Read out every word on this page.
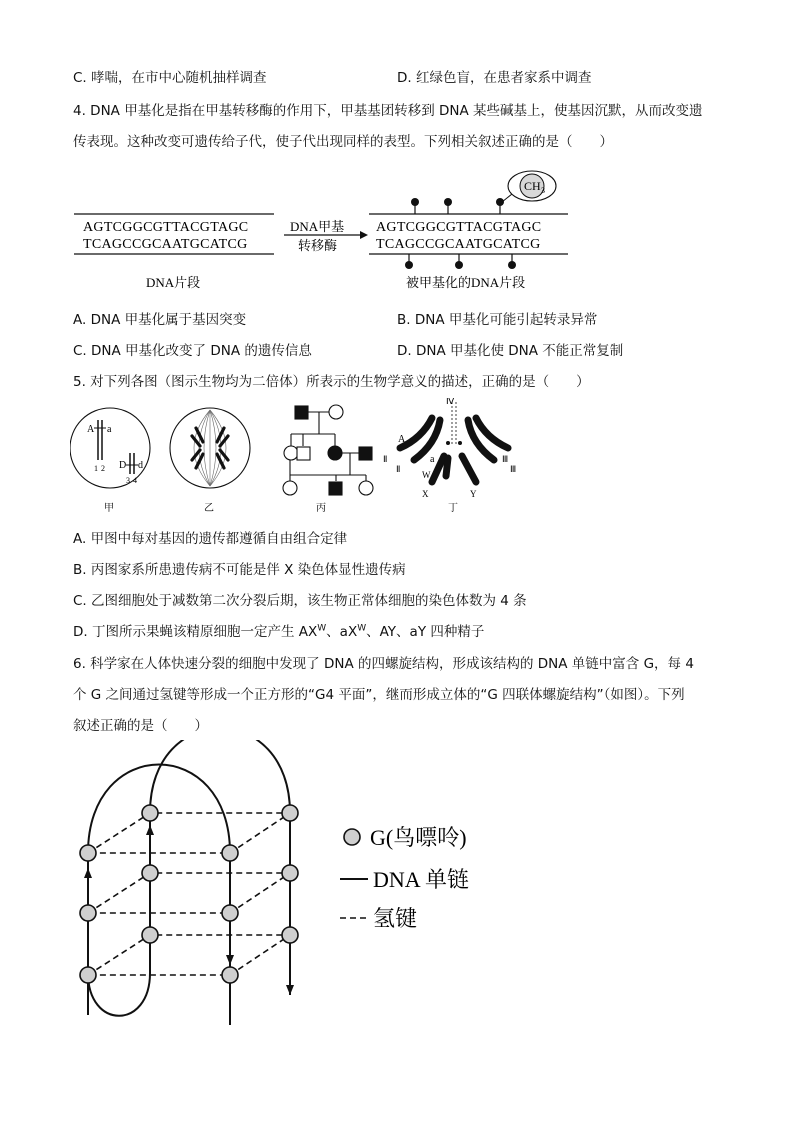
C. 哮喘，在市中心随机抽样调查	D. 红绿色盲，在患者家系中调查
4. DNA 甲基化是指在甲基转移酶的作用下，甲基基团转移到 DNA 某些碱基上，使基因沉默，从而改变遗
传表现。这种改变可遗传给子代，使子代出现同样的表型。下列相关叙述正确的是（　　）
AGTCGGCGTTACGTAGC
TCAGCCGCAATGCATCG
DNA甲基
转移酶
AGTCGGCGTTACGTAGC
TCAGCCGCAATGCATCG
CH 3
DNA片段	被甲基化的DNA片段
A. DNA 甲基化属于基因突变	B. DNA 甲基化可能引起转录异常
C. DNA 甲基化改变了 DNA 的遗传信息	D. DNA 甲基化使 DNA 不能正常复制
5. 对下列各图（图示生物均为二倍体）所表示的生物学意义的描述，正确的是（　　）
A a
1 2 D d
3 4
甲	乙	丙
Ⅳ
A
a
Ⅱ
Ⅱ
Ⅲ
Ⅲ
W
X	Y
丁
A. 甲图中每对基因的遗传都遵循自由组合定律
B. 丙图家系所患遗传病不可能是伴 X 染色体显性遗传病
C. 乙图细胞处于减数第二次分裂后期，该生物正常体细胞的染色体数为 4 条
D. 丁图所示果蝇该精原细胞一定产生 $AX^W$、$aX^W$、AY、aY 四种精子
6. 科学家在人体快速分裂的细胞中发现了 DNA 的四螺旋结构，形成该结构的 DNA 单链中富含 G，每 4
个 G 之间通过氢键等形成一个正方形的“G4 平面”，继而形成立体的“G 四联体螺旋结构”（如图）。下列
叙述正确的是（　　）
G(鸟嘌呤)
DNA 单链
氢键
